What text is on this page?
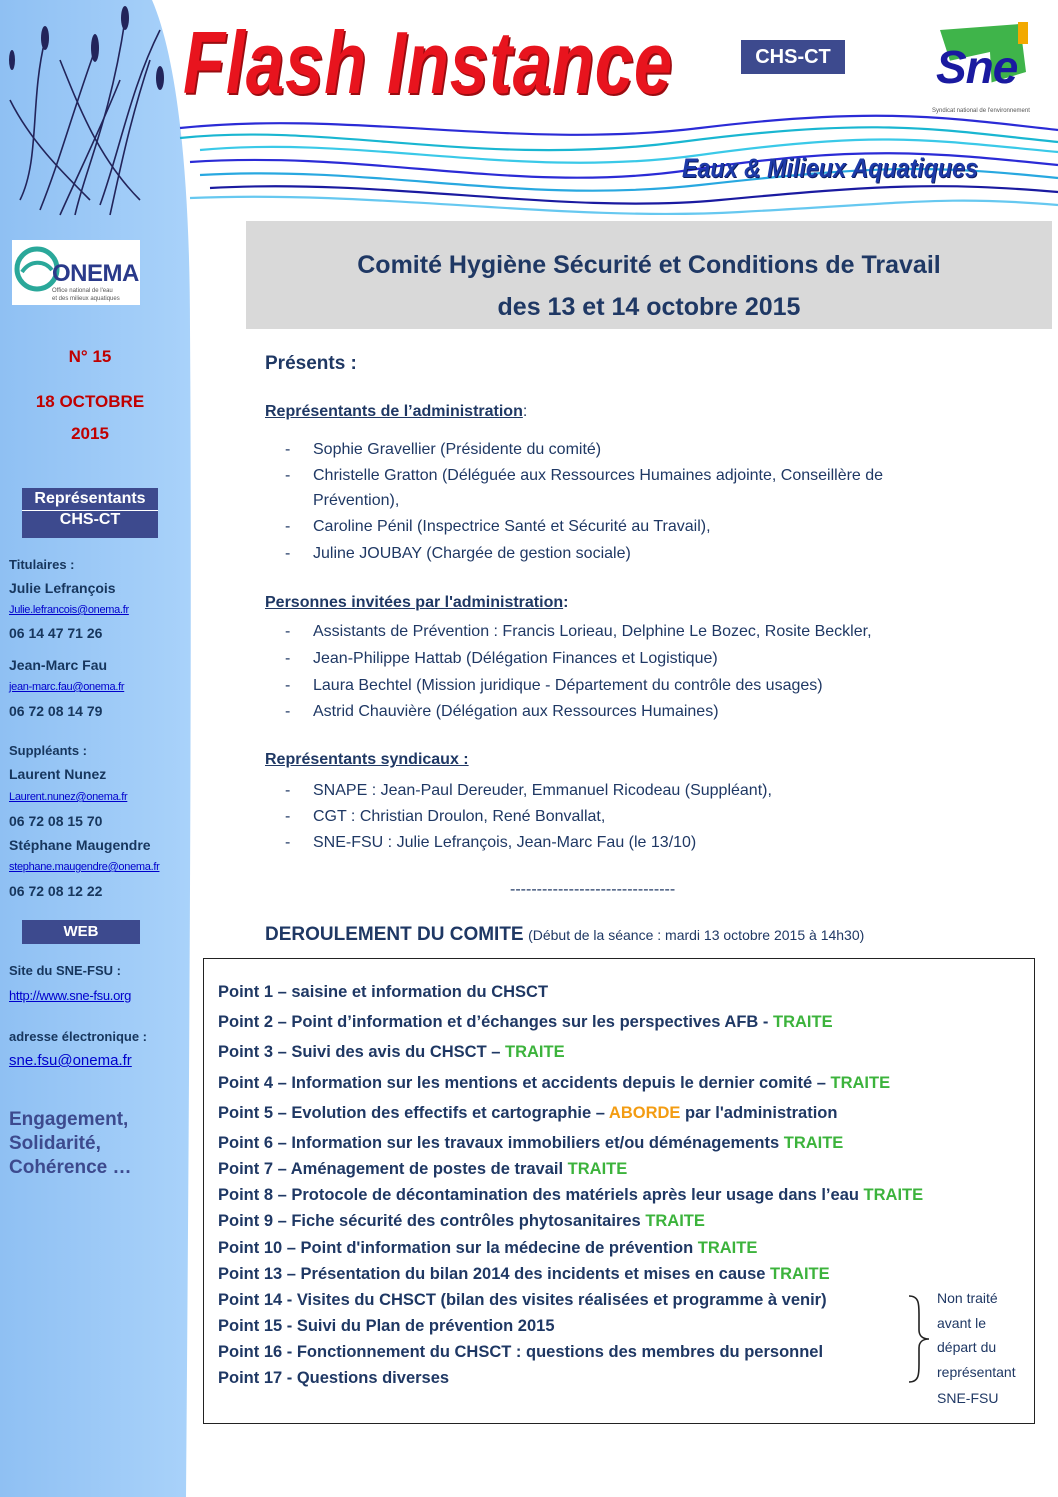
Flash Instance	CHS-CT	Sne
Syndicat national de l'environnement
Eaux & Milieux Aquatiques
ONEMA
Office national de l'eau
et des milieux aquatiques
N° 15
18 OCTOBRE
2015
Représentants
CHS-CT
Titulaires :
Julie Lefrançois
Julie.lefrancois@onema.fr
06 14 47 71 26
Jean-Marc Fau
jean-marc.fau@onema.fr
06 72 08 14 79
Suppléants :
Laurent Nunez
Laurent.nunez@onema.fr
06 72 08 15 70
Stéphane Maugendre
stephane.maugendre@onema.fr
06 72 08 12 22
WEB
Site du SNE-FSU :
http://www.sne-fsu.org
adresse électronique :
sne.fsu@onema.fr
Engagement,
Solidarité,
Cohérence …
Comité Hygiène Sécurité et Conditions de Travail
des 13 et 14 octobre 2015
Présents :
Représentants de l’administration:
- Sophie Gravellier (Présidente du comité)
- Christelle Gratton (Déléguée aux Ressources Humaines adjointe, Conseillère de
Prévention),
- Caroline Pénil (Inspectrice Santé et Sécurité au Travail),
- Juline JOUBAY (Chargée de gestion sociale)
Personnes invitées par l'administration:
- Assistants de Prévention : Francis Lorieau, Delphine Le Bozec, Rosite Beckler,
- Jean-Philippe Hattab (Délégation Finances et Logistique)
- Laura Bechtel (Mission juridique - Département du contrôle des usages)
- Astrid Chauvière (Délégation aux Ressources Humaines)
Représentants syndicaux :
- SNAPE : Jean-Paul Dereuder, Emmanuel Ricodeau (Suppléant),
- CGT : Christian Droulon, René Bonvallat,
- SNE-FSU : Julie Lefrançois, Jean-Marc Fau (le 13/10)
-------------------------------
DEROULEMENT DU COMITE (Début de la séance : mardi 13 octobre 2015 à 14h30)
Point 1 – saisine et information du CHSCT
Point 2 – Point d’information et d’échanges sur les perspectives AFB - TRAITE
Point 3 – Suivi des avis du CHSCT – TRAITE
Point 4 – Information sur les mentions et accidents depuis le dernier comité – TRAITE
Point 5 – Evolution des effectifs et cartographie – ABORDE par l'administration
Point 6 – Information sur les travaux immobiliers et/ou déménagements TRAITE
Point 7 – Aménagement de postes de travail TRAITE
Point 8 – Protocole de décontamination des matériels après leur usage dans l’eau TRAITE
Point 9 – Fiche sécurité des contrôles phytosanitaires TRAITE
Point 10 – Point d'information sur la médecine de prévention TRAITE
Point 13 – Présentation du bilan 2014 des incidents et mises en cause TRAITE
Point 14 - Visites du CHSCT (bilan des visites réalisées et programme à venir)
Point 15 - Suivi du Plan de prévention 2015
Point 16 - Fonctionnement du CHSCT : questions des membres du personnel
Point 17 - Questions diverses
Non traité
avant le
départ du
représentant
SNE-FSU
